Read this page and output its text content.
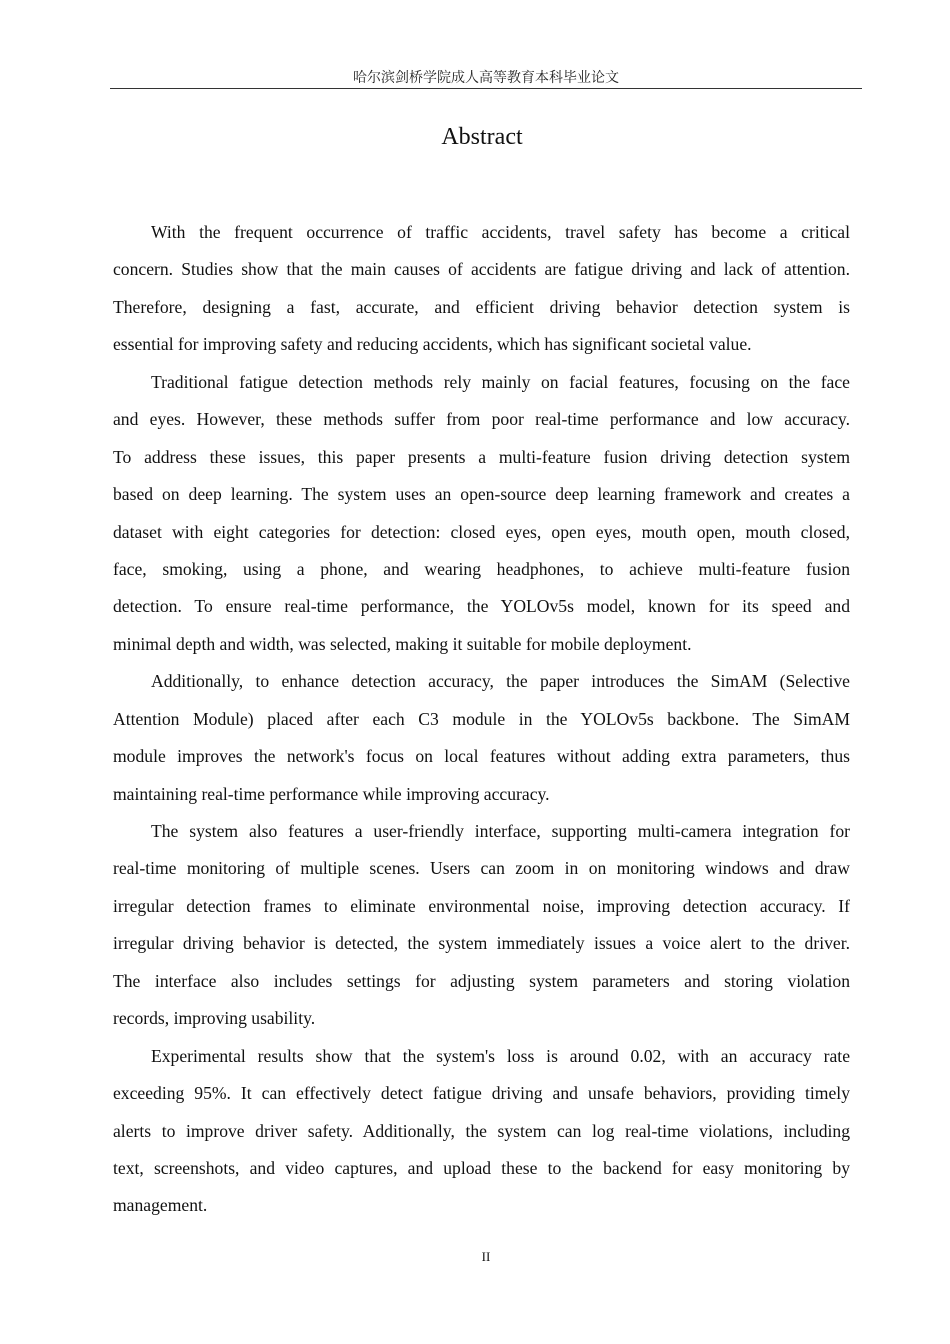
哈尔滨剑桥学院成人高等教育本科毕业论文
Abstract
With the frequent occurrence of traffic accidents, travel safety has become a critical
concern. Studies show that the main causes of accidents are fatigue driving and lack of attention.
Therefore, designing a fast, accurate, and efficient driving behavior detection system is
essential for improving safety and reducing accidents, which has significant societal value.
Traditional fatigue detection methods rely mainly on facial features, focusing on the face
and eyes. However, these methods suffer from poor real-time performance and low accuracy.
To address these issues, this paper presents a multi-feature fusion driving detection system
based on deep learning. The system uses an open-source deep learning framework and creates a
dataset with eight categories for detection: closed eyes, open eyes, mouth open, mouth closed,
face, smoking, using a phone, and wearing headphones, to achieve multi-feature fusion
detection. To ensure real-time performance, the YOLOv5s model, known for its speed and
minimal depth and width, was selected, making it suitable for mobile deployment.
Additionally, to enhance detection accuracy, the paper introduces the SimAM (Selective
Attention Module) placed after each C3 module in the YOLOv5s backbone. The SimAM
module improves the network's focus on local features without adding extra parameters, thus
maintaining real-time performance while improving accuracy.
The system also features a user-friendly interface, supporting multi-camera integration for
real-time monitoring of multiple scenes. Users can zoom in on monitoring windows and draw
irregular detection frames to eliminate environmental noise, improving detection accuracy. If
irregular driving behavior is detected, the system immediately issues a voice alert to the driver.
The interface also includes settings for adjusting system parameters and storing violation
records, improving usability.
Experimental results show that the system's loss is around 0.02, with an accuracy rate
exceeding 95%. It can effectively detect fatigue driving and unsafe behaviors, providing timely
alerts to improve driver safety. Additionally, the system can log real-time violations, including
text, screenshots, and video captures, and upload these to the backend for easy monitoring by
management.
II
